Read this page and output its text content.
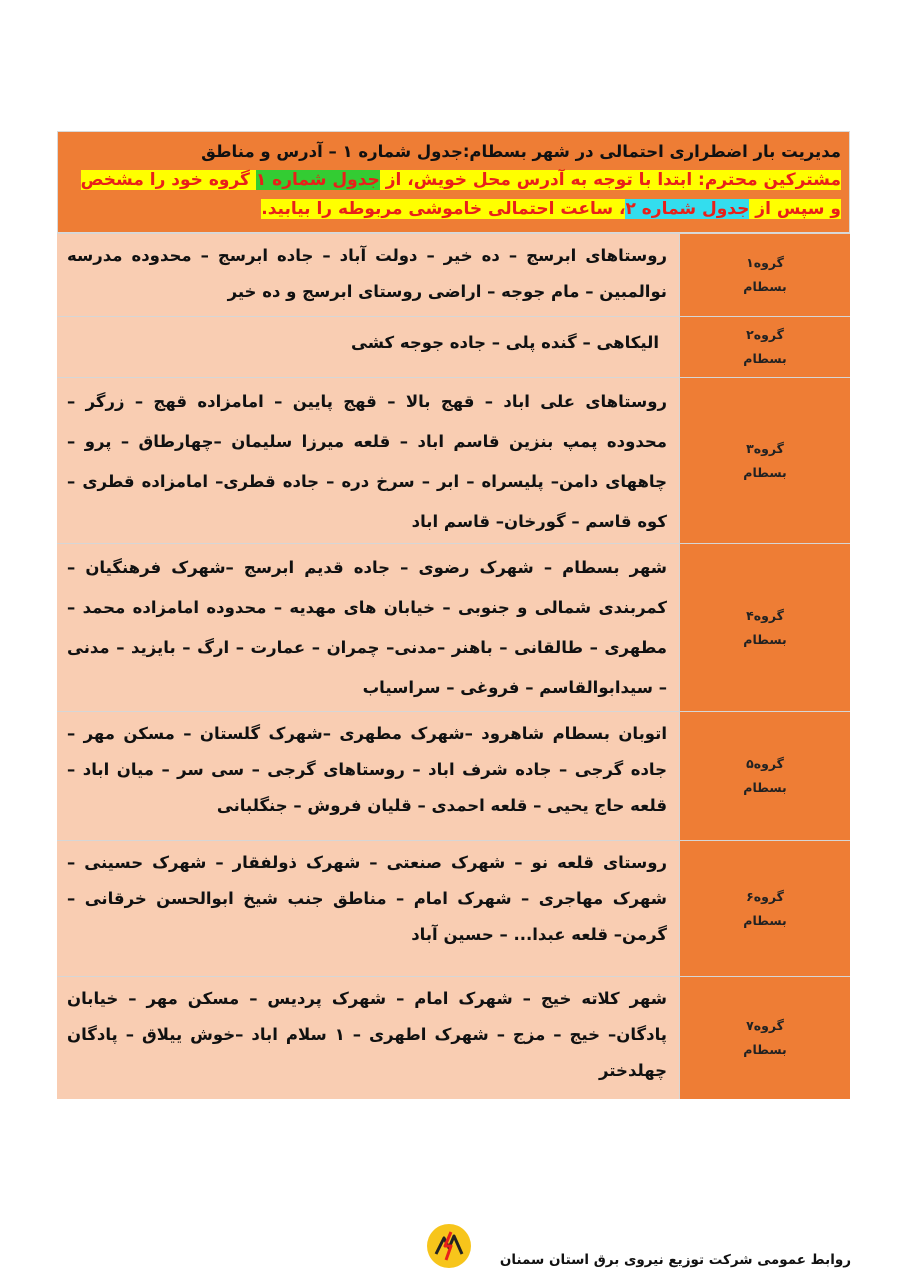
مدیریت بار اضطراری احتمالی در شهر بسطام:جدول شماره ۱ – آدرس و مناطق
مشترکین محترم: ابتدا با توجه به آدرس محل خویش، از جدول شماره ۱ گروه خود را مشخص و سپس از جدول شماره ۲، ساعت احتمالی خاموشی مربوطه را بیابید.
گروه۱
بسطام
روستاهای ابرسج – ده خیر – دولت آباد – جاده ابرسج – محدوده مدرسه نوالمبین – مام جوجه – اراضی روستای ابرسج و ده خیر
گروه۲
بسطام
الیکاهی – گنده پلی – جاده جوجه کشی
گروه۳
بسطام
روستاهای علی اباد – قهج بالا – قهج پایین – امامزاده قهج – زرگر – محدوده پمپ بنزین قاسم اباد – قلعه میرزا سلیمان –چهارطاق – پرو – چاههای دامن– پلیسراه – ابر – سرخ دره – جاده قطری– امامزاده قطری – کوه قاسم – گورخان– قاسم اباد
گروه۴
بسطام
شهر بسطام – شهرک رضوی – جاده قدیم ابرسج –شهرک فرهنگیان – کمربندی شمالی و جنوبی – خیابان های مهدیه – محدوده امامزاده محمد – مطهری – طالقانی – باهنر –مدنی– چمران – عمارت – ارگ – بایزید – مدنی – سیدابوالقاسم – فروغی – سراسیاب
گروه۵
بسطام
اتوبان بسطام شاهرود –شهرک مطهری –شهرک گلستان – مسکن مهر – جاده گرجی – جاده شرف اباد – روستاهای گرجی – سی سر – میان اباد –قلعه حاج یحیی – قلعه احمدی – قلیان فروش – جنگلبانی
گروه۶
بسطام
روستای قلعه نو – شهرک صنعتی – شهرک ذولفقار – شهرک حسینی – شهرک مهاجری – شهرک امام – مناطق جنب شیخ ابوالحسن خرقانی – گرمن– قلعه عبدا... – حسین آباد
گروه۷
بسطام
شهر کلاته خیج – شهرک امام – شهرک پردیس – مسکن مهر – خیابان پادگان– خیج – مزج – شهرک اطهری – ۱ سلام اباد –خوش ییلاق – پادگان چهلدختر
روابط عمومی شرکت توزیع نیروی برق استان سمنان
